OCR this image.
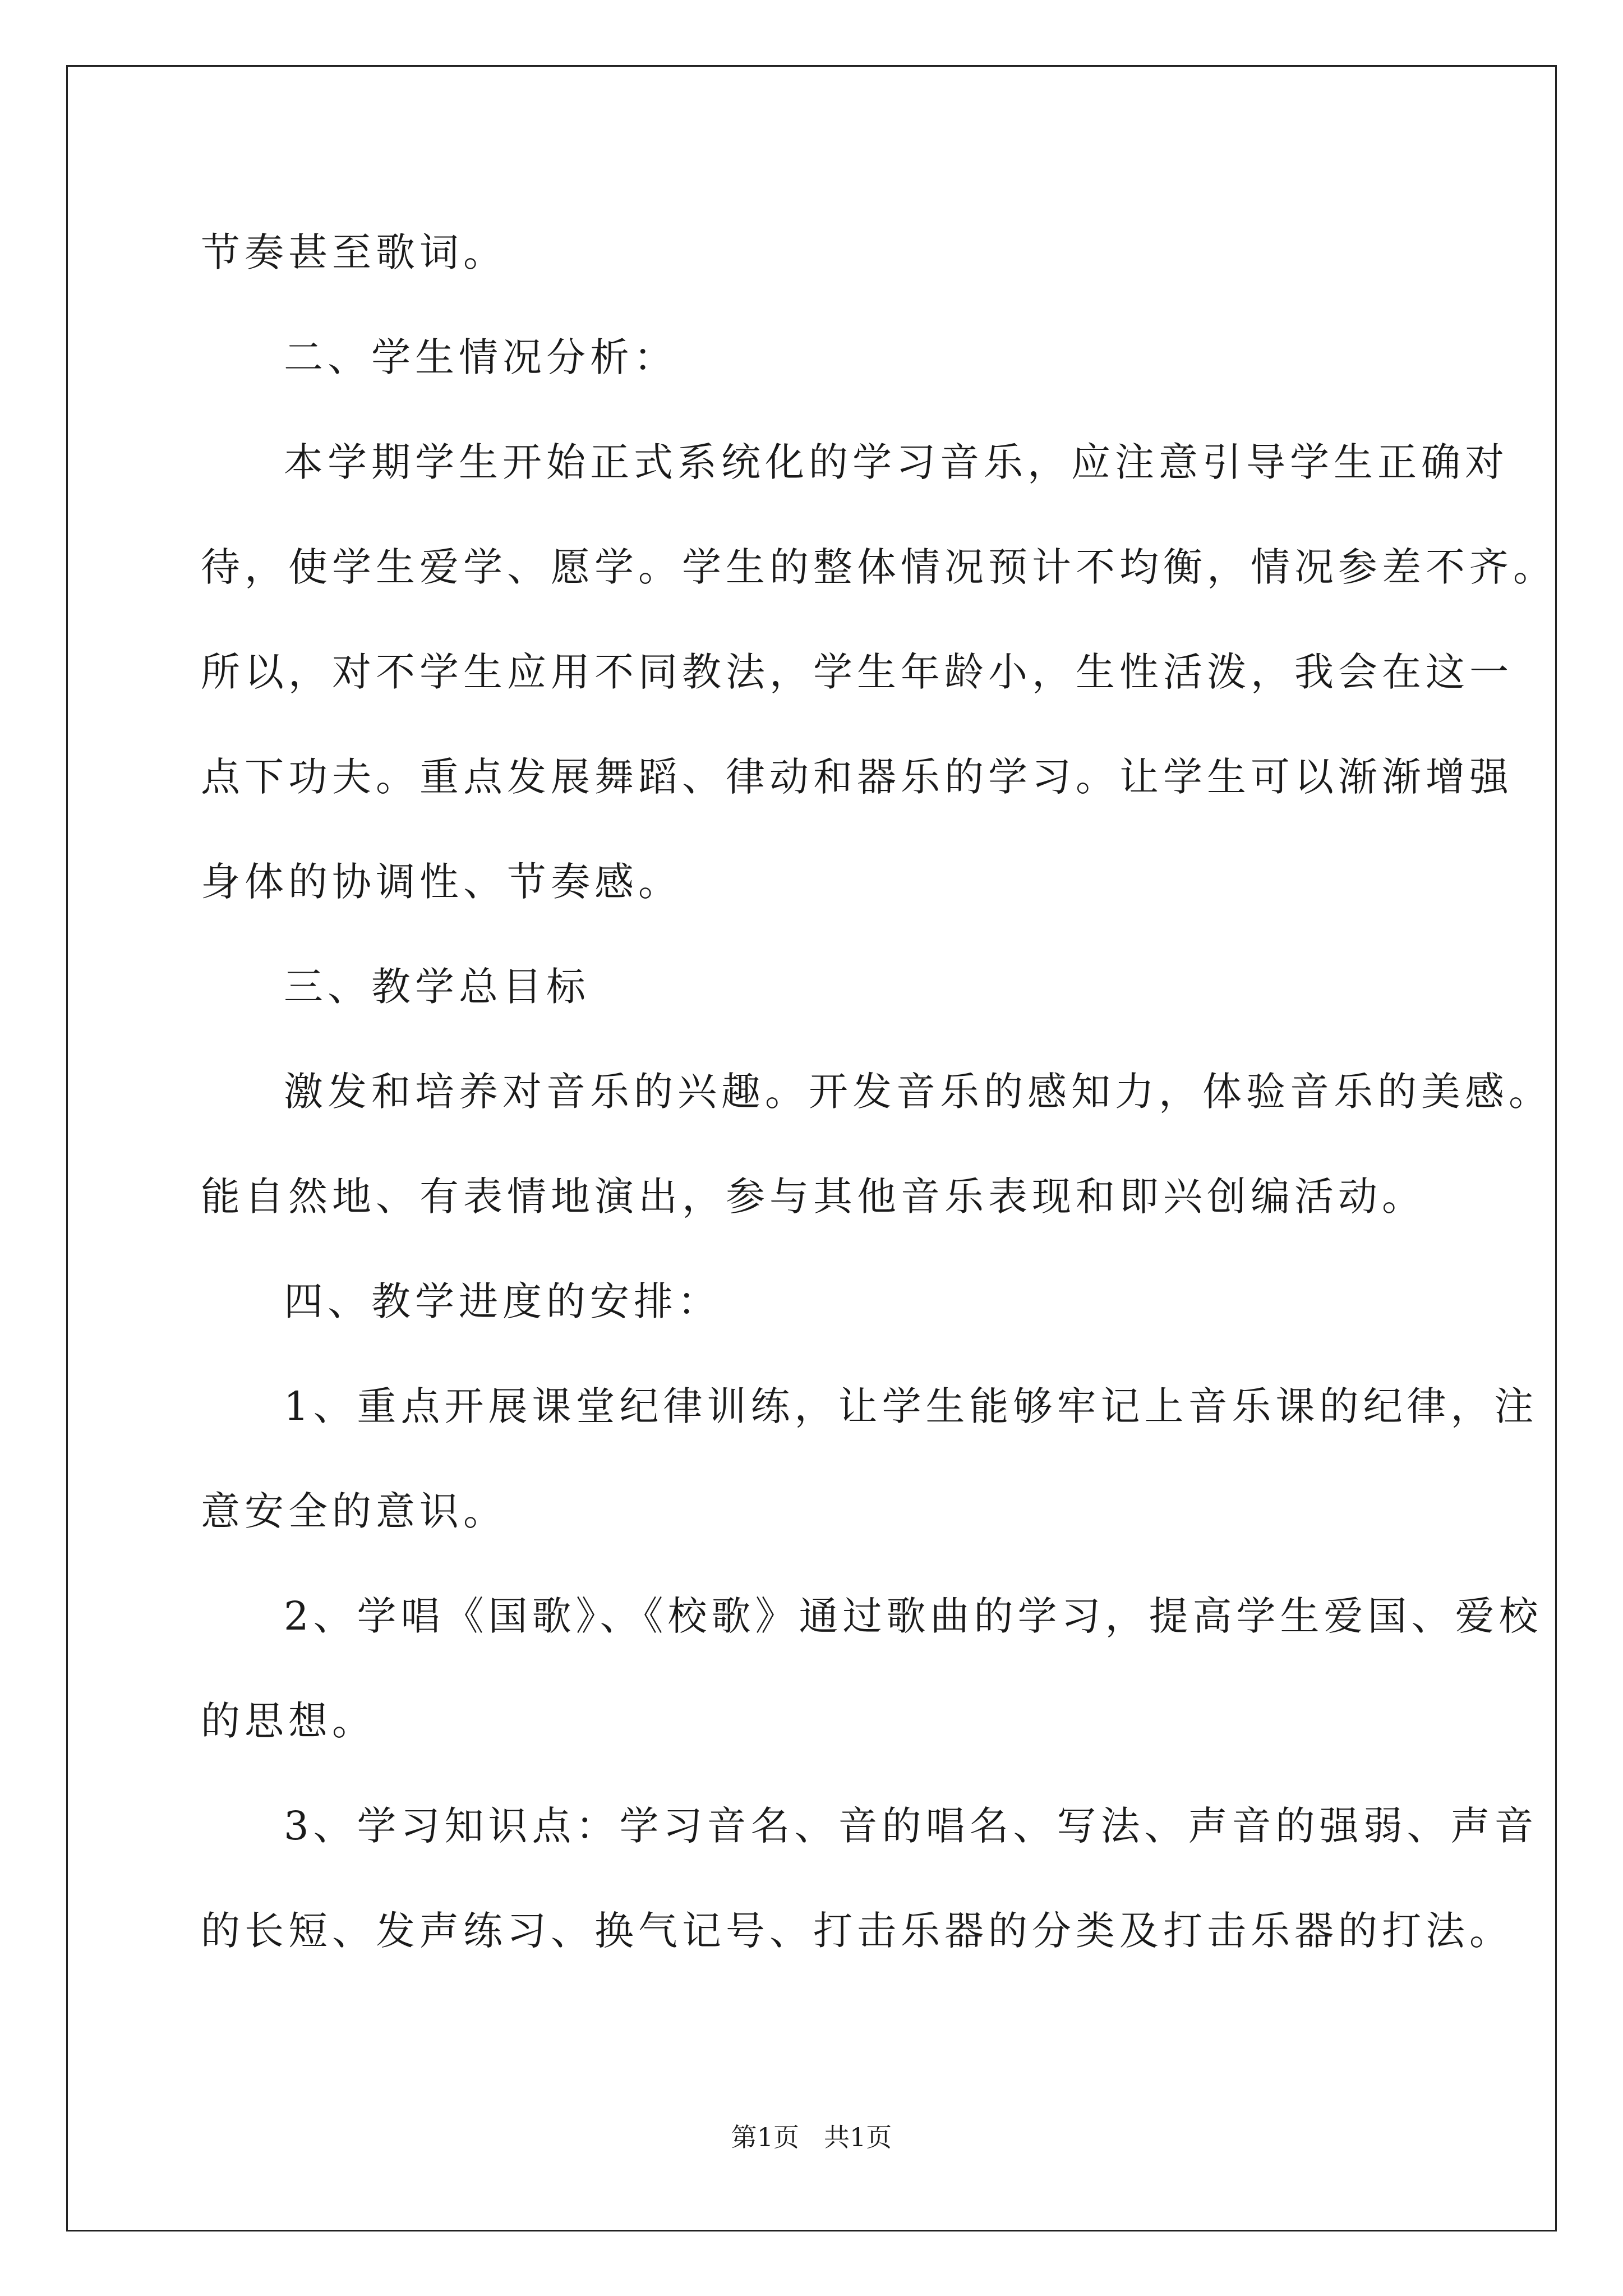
节奏甚至歌词。
二、学生情况分析：
本学期学生开始正式系统化的学习音乐，应注意引导学生正确对
待，使学生爱学、愿学。学生的整体情况预计不均衡，情况参差不齐。
所以，对不学生应用不同教法，学生年龄小，生性活泼，我会在这一
点下功夫。重点发展舞蹈、律动和器乐的学习。让学生可以渐渐增强
身体的协调性、节奏感。
三、教学总目标
激发和培养对音乐的兴趣。开发音乐的感知力，体验音乐的美感。
能自然地、有表情地演出，参与其他音乐表现和即兴创编活动。
四、教学进度的安排：
1、重点开展课堂纪律训练，让学生能够牢记上音乐课的纪律，注
意安全的意识。
2、学唱《国歌》、《校歌》通过歌曲的学习，提高学生爱国、爱校
的思想。
3、学习知识点：学习音名、音的唱名、写法、声音的强弱、声音
的长短、发声练习、换气记号、打击乐器的分类及打击乐器的打法。
第1页 共1页
